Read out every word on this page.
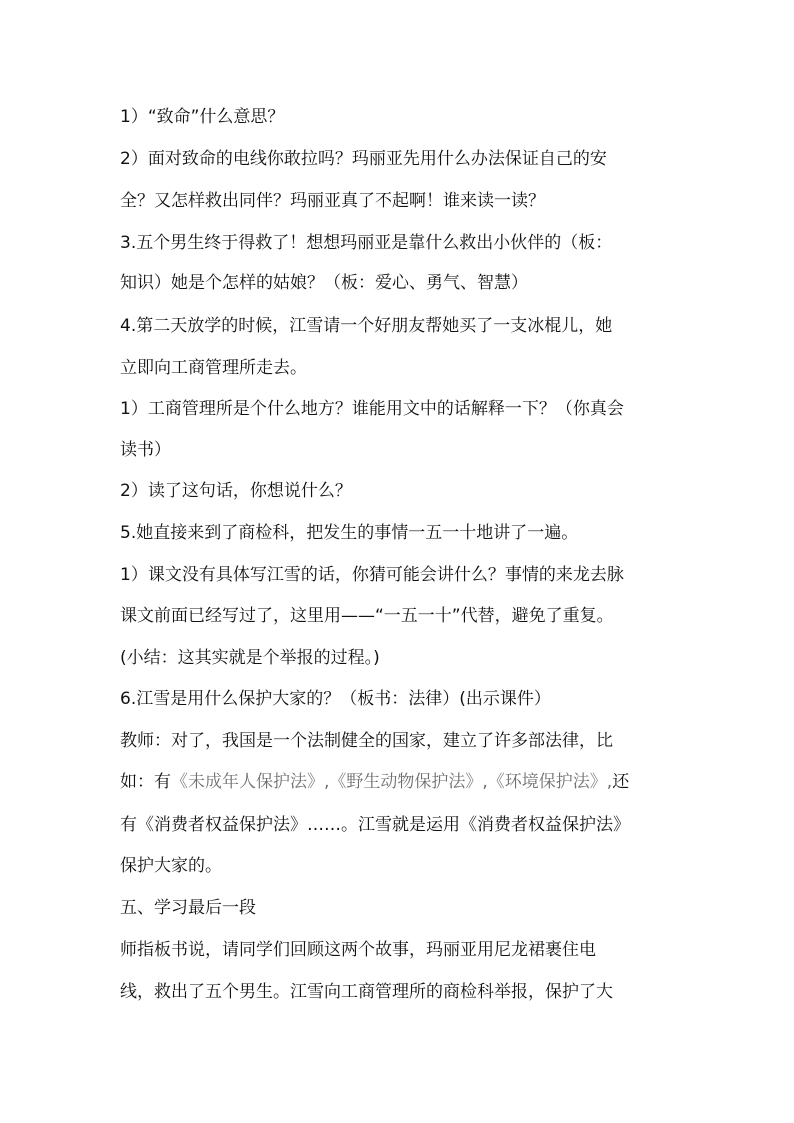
1）“致命”什么意思？
2）面对致命的电线你敢拉吗？玛丽亚先用什么办法保证自己的安
全？又怎样救出同伴？玛丽亚真了不起啊！谁来读一读？
3.五个男生终于得救了！想想玛丽亚是靠什么救出小伙伴的（板：
知识）她是个怎样的姑娘？（板：爱心、勇气、智慧）
4.第二天放学的时候，江雪请一个好朋友帮她买了一支冰棍儿，她
立即向工商管理所走去。
1）工商管理所是个什么地方？谁能用文中的话解释一下？（你真会
读书）
2）读了这句话，你想说什么？
5.她直接来到了商检科，把发生的事情一五一十地讲了一遍。
1）课文没有具体写江雪的话，你猜可能会讲什么？事情的来龙去脉
课文前面已经写过了，这里用——“一五一十”代替，避免了重复。
(小结：这其实就是个举报的过程。)
6.江雪是用什么保护大家的？（板书：法律）(出示课件）
教师：对了，我国是一个法制健全的国家，建立了许多部法律，比
如：有《未成年人保护法》,《野生动物保护法》,《环境保护法》,还
有《消费者权益保护法》……。江雪就是运用《消费者权益保护法》
保护大家的。
五、学习最后一段
师指板书说，请同学们回顾这两个故事，玛丽亚用尼龙裙裹住电
线，救出了五个男生。江雪向工商管理所的商检科举报，保护了大
